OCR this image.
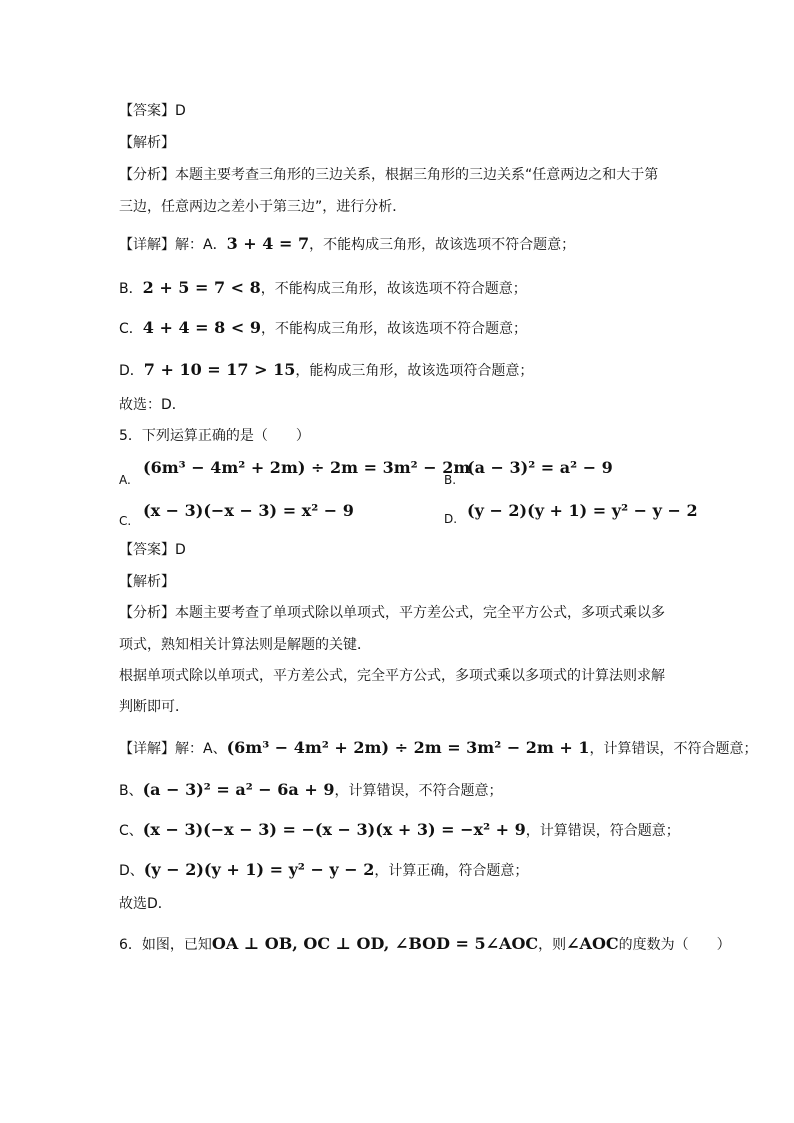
【答案】D
【解析】
【分析】本题主要考查三角形的三边关系，根据三角形的三边关系“任意两边之和大于第
三边，任意两边之差小于第三边”，进行分析．
【详解】解：A．3 + 4 = 7，不能构成三角形，故该选项不符合题意；
B．2 + 5 = 7 < 8，不能构成三角形，故该选项不符合题意；
C．4 + 4 = 8 < 9，不能构成三角形，故该选项不符合题意；
D．7 + 10 = 17 > 15，能构成三角形，故该选项符合题意；
故选：D．
5．下列运算正确的是（　　）
A.
(6m³ − 4m² + 2m) ÷ 2m = 3m² − 2m
B.
(a − 3)² = a² − 9
C.
(x − 3)(−x − 3) = x² − 9	D. (y − 2)(y + 1) = y² − y − 2
【答案】D
【解析】
【分析】本题主要考查了单项式除以单项式，平方差公式，完全平方公式，多项式乘以多
项式，熟知相关计算法则是解题的关键．
根据单项式除以单项式，平方差公式，完全平方公式，多项式乘以多项式的计算法则求解
判断即可．
【详解】解：A、(6m³ − 4m² + 2m) ÷ 2m = 3m² − 2m + 1，计算错误，不符合题意；
B、(a − 3)² = a² − 6a + 9，计算错误，不符合题意；
C、(x − 3)(−x − 3) = −(x − 3)(x + 3) = −x² + 9，计算错误，符合题意；
D、(y − 2)(y + 1) = y² − y − 2，计算正确，符合题意；
故选D．
6．如图，已知OA ⊥ OB, OC ⊥ OD, ∠BOD = 5∠AOC，则∠AOC的度数为（　　）
